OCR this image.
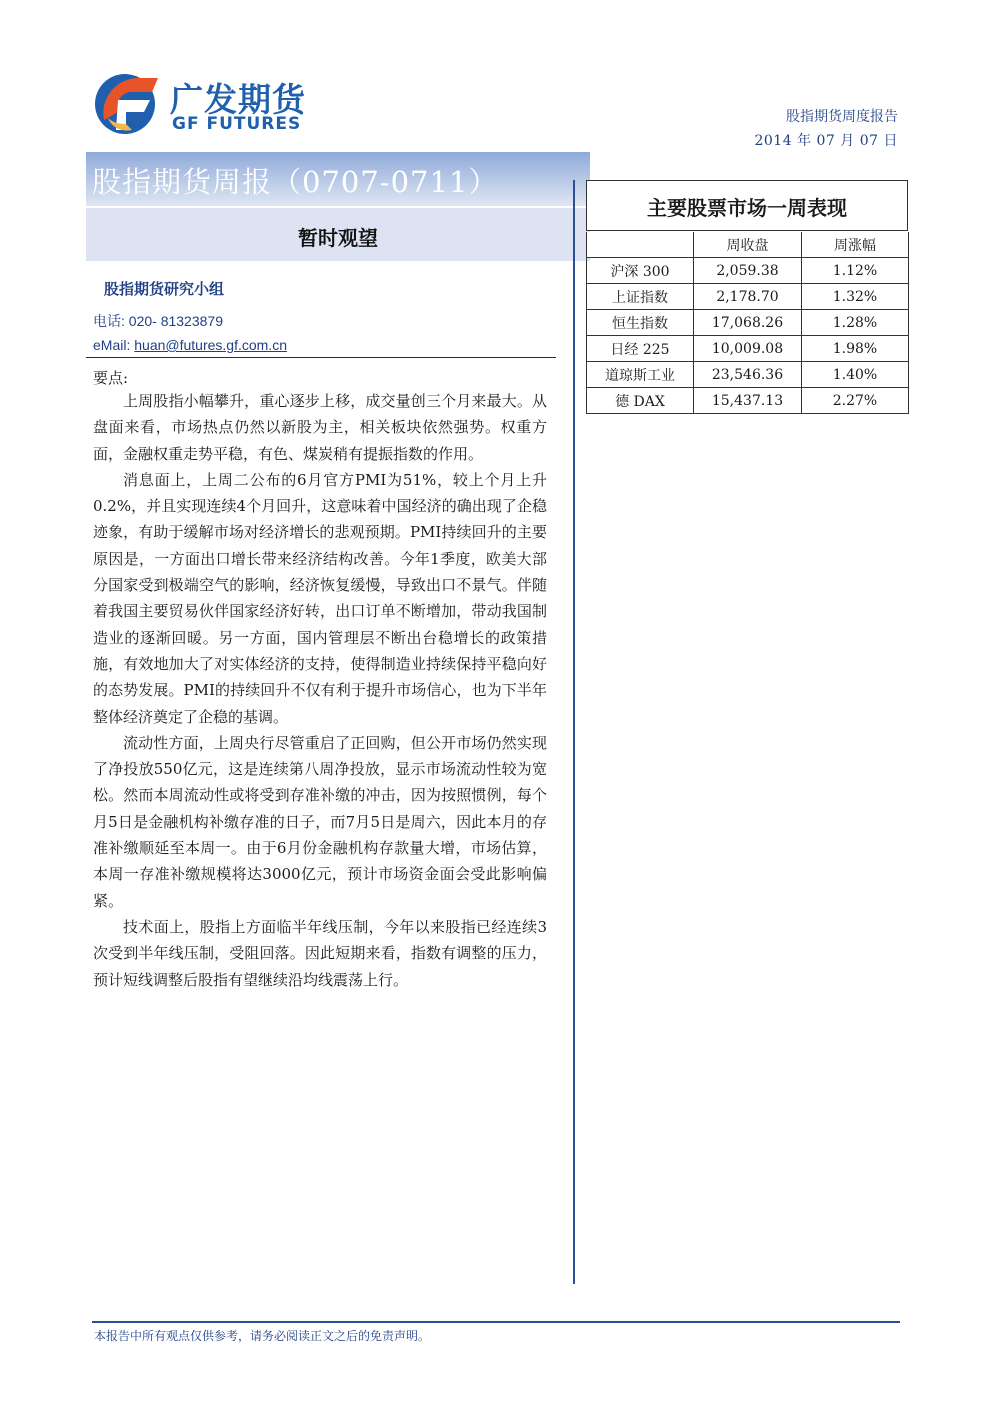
广发期货
GF FUTURES	股指期货周度报告
2014 年 07 月 07 日
股指期货周报（0707-0711）
暂时观望
股指期货研究小组
电话: 020- 81323879
eMail: huan@futures.gf.com.cn
要点:

上周股指小幅攀升，重心逐步上移，成交量创三个月来最大。从盘面来看，市场热点仍然以新股为主，相关板块依然强势。权重方面，金融权重走势平稳，有色、煤炭稍有提振指数的作用。

消息面上，上周二公布的6月官方PMI为51%，较上个月上升0.2%，并且实现连续4个月回升，这意味着中国经济的确出现了企稳迹象，有助于缓解市场对经济增长的悲观预期。PMI持续回升的主要原因是，一方面出口增长带来经济结构改善。今年1季度，欧美大部分国家受到极端空气的影响，经济恢复缓慢，导致出口不景气。伴随着我国主要贸易伙伴国家经济好转，出口订单不断增加，带动我国制造业的逐渐回暖。另一方面，国内管理层不断出台稳增长的政策措施，有效地加大了对实体经济的支持，使得制造业持续保持平稳向好的态势发展。PMI的持续回升不仅有利于提升市场信心，也为下半年整体经济奠定了企稳的基调。

流动性方面，上周央行尽管重启了正回购，但公开市场仍然实现了净投放550亿元，这是连续第八周净投放，显示市场流动性较为宽松。然而本周流动性或将受到存准补缴的冲击，因为按照惯例，每个月5日是金融机构补缴存准的日子，而7月5日是周六，因此本月的存准补缴顺延至本周一。由于6月份金融机构存款量大增，市场估算，本周一存准补缴规模将达3000亿元，预计市场资金面会受此影响偏紧。

技术面上，股指上方面临半年线压制，今年以来股指已经连续3次受到半年线压制，受阻回落。因此短期来看，指数有调整的压力，预计短线调整后股指有望继续沿均线震荡上行。

主要股票市场一周表现
	周收盘	周涨幅
沪深 300	2,059.38	1.12%
上证指数	2,178.70	1.32%
恒生指数	17,068.26	1.28%
日经 225	10,009.08	1.98%
道琼斯工业	23,546.36	1.40%
德 DAX	15,437.13	2.27%
本报告中所有观点仅供参考，请务必阅读正文之后的免责声明。
